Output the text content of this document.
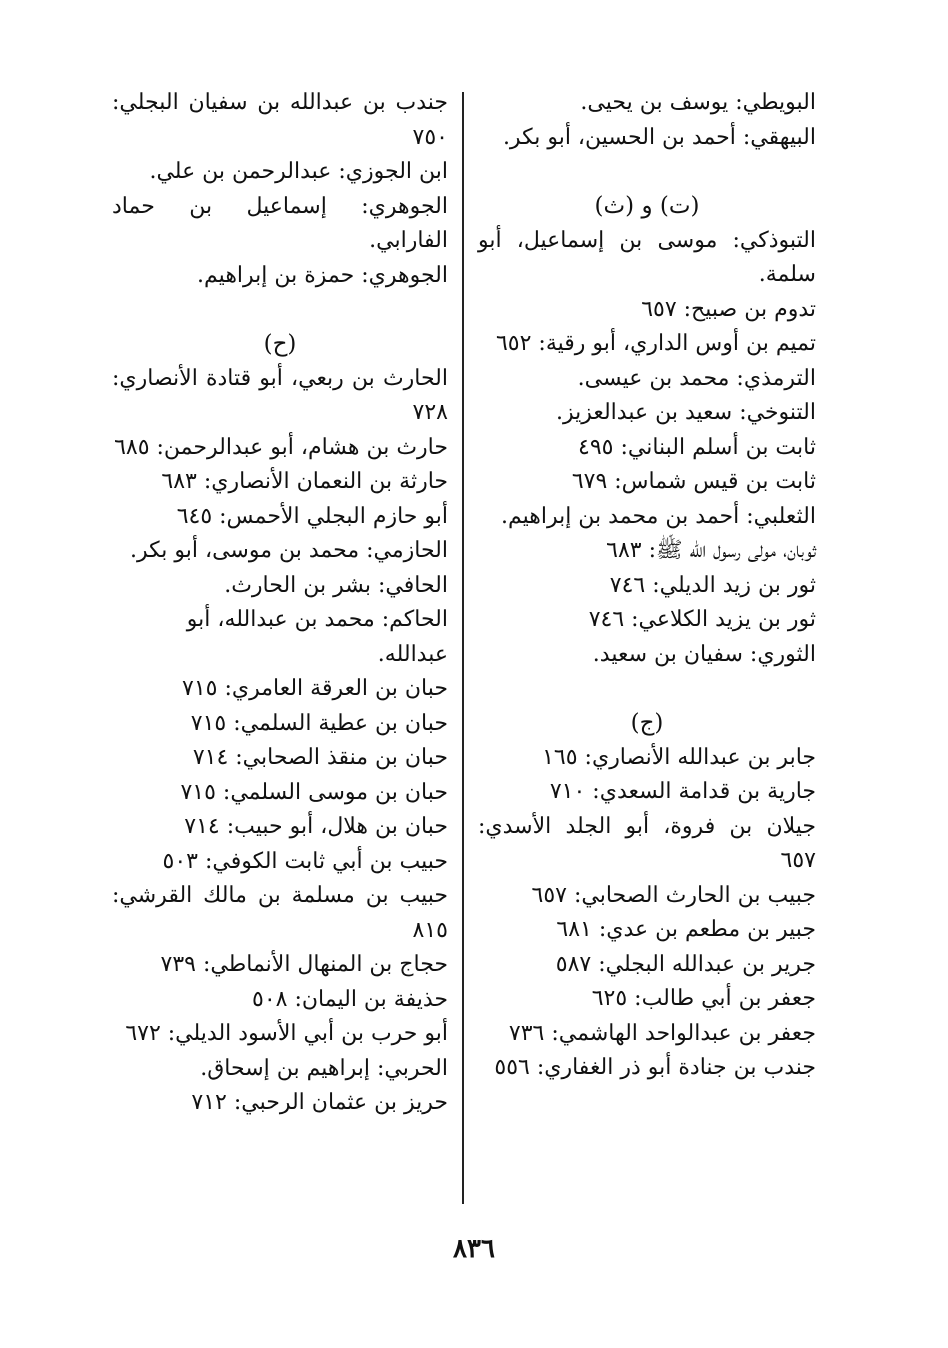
البويطي: يوسف بن يحيى.
البيهقي: أحمد بن الحسين، أبو بكر.
(ت) و (ث)
التبوذكي: موسى بن إسماعيل، أبو سلمة.
تدوم بن صبيح: ٦٥٧
تميم بن أوس الداري، أبو رقية: ٦٥٢
الترمذي: محمد بن عيسى.
التنوخي: سعيد بن عبدالعزيز.
ثابت بن أسلم البناني: ٤٩٥
ثابت بن قيس شماس: ٦٧٩
الثعلبي: أحمد بن محمد بن إبراهيم.
ثوبان، مولى رسول الله ﷺ: ٦٨٣
ثور بن زيد الديلي: ٧٤٦
ثور بن يزيد الكلاعي: ٧٤٦
الثوري: سفيان بن سعيد.
(ج)
جابر بن عبدالله الأنصاري: ١٦٥
جارية بن قدامة السعدي: ٧١٠
جيلان بن فروة، أبو الجلد الأسدي: ٦٥٧
جبيب بن الحارث الصحابي: ٦٥٧
جبير بن مطعم بن عدي: ٦٨١
جرير بن عبدالله البجلي: ٥٨٧
جعفر بن أبي طالب: ٦٢٥
جعفر بن عبدالواحد الهاشمي: ٧٣٦
جندب بن جنادة أبو ذر الغفاري: ٥٥٦
جندب بن عبدالله بن سفيان البجلي: ٧٥٠
ابن الجوزي: عبدالرحمن بن علي.
الجوهري: إسماعيل بن حماد الفارابي.
الجوهري: حمزة بن إبراهيم.
(ح)
الحارث بن ربعي، أبو قتادة الأنصاري: ٧٢٨
حارث بن هشام، أبو عبدالرحمن: ٦٨٥
حارثة بن النعمان الأنصاري: ٦٨٣
أبو حازم البجلي الأحمس: ٦٤٥
الحازمي: محمد بن موسى، أبو بكر.
الحافي: بشر بن الحارث.
الحاكم: محمد بن عبدالله، أبو عبدالله.
حبان بن العرقة العامري: ٧١٥
حبان بن عطية السلمي: ٧١٥
حبان بن منقذ الصحابي: ٧١٤
حبان بن موسى السلمي: ٧١٥
حبان بن هلال، أبو حبيب: ٧١٤
حبيب بن أبي ثابت الكوفي: ٥٠٣
حبيب بن مسلمة بن مالك القرشي: ٨١٥
حجاج بن المنهال الأنماطي: ٧٣٩
حذيفة بن اليمان: ٥٠٨
أبو حرب بن أبي الأسود الديلي: ٦٧٢
الحربي: إبراهيم بن إسحاق.
حريز بن عثمان الرحبي: ٧١٢
٨٣٦
